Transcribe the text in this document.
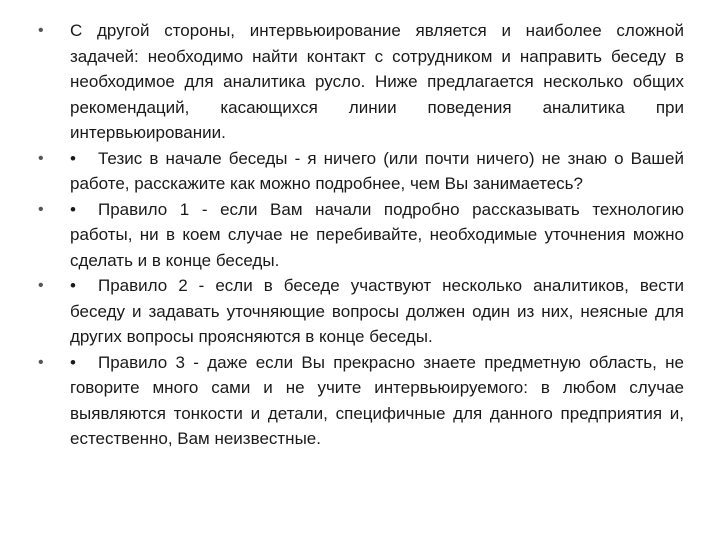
•	С другой стороны, интервьюирование является и наиболее сложной задачей: необходимо найти контакт с сотрудником и направить беседу в необходимое для аналитика русло. Ниже предлагается несколько общих рекомендаций, касающихся линии поведения аналитика при интервьюировании.
•	• Тезис в начале беседы - я ничего (или почти ничего) не знаю о Вашей работе, расскажите как можно подробнее, чем Вы занимаетесь?
•	• Правило 1 - если Вам начали подробно рассказывать технологию работы, ни в коем случае не перебивайте, необходимые уточнения можно сделать и в конце беседы.
•	• Правило 2 - если в беседе участвуют несколько аналитиков, вести беседу и задавать уточняющие вопросы должен один из них, неясные для других вопросы проясняются в конце беседы.
•	• Правило 3 - даже если Вы прекрасно знаете предметную область, не говорите много сами и не учите интервьюируемого: в любом случае выявляются тонкости и детали, специфичные для данного предприятия и, естественно, Вам неизвестные.
